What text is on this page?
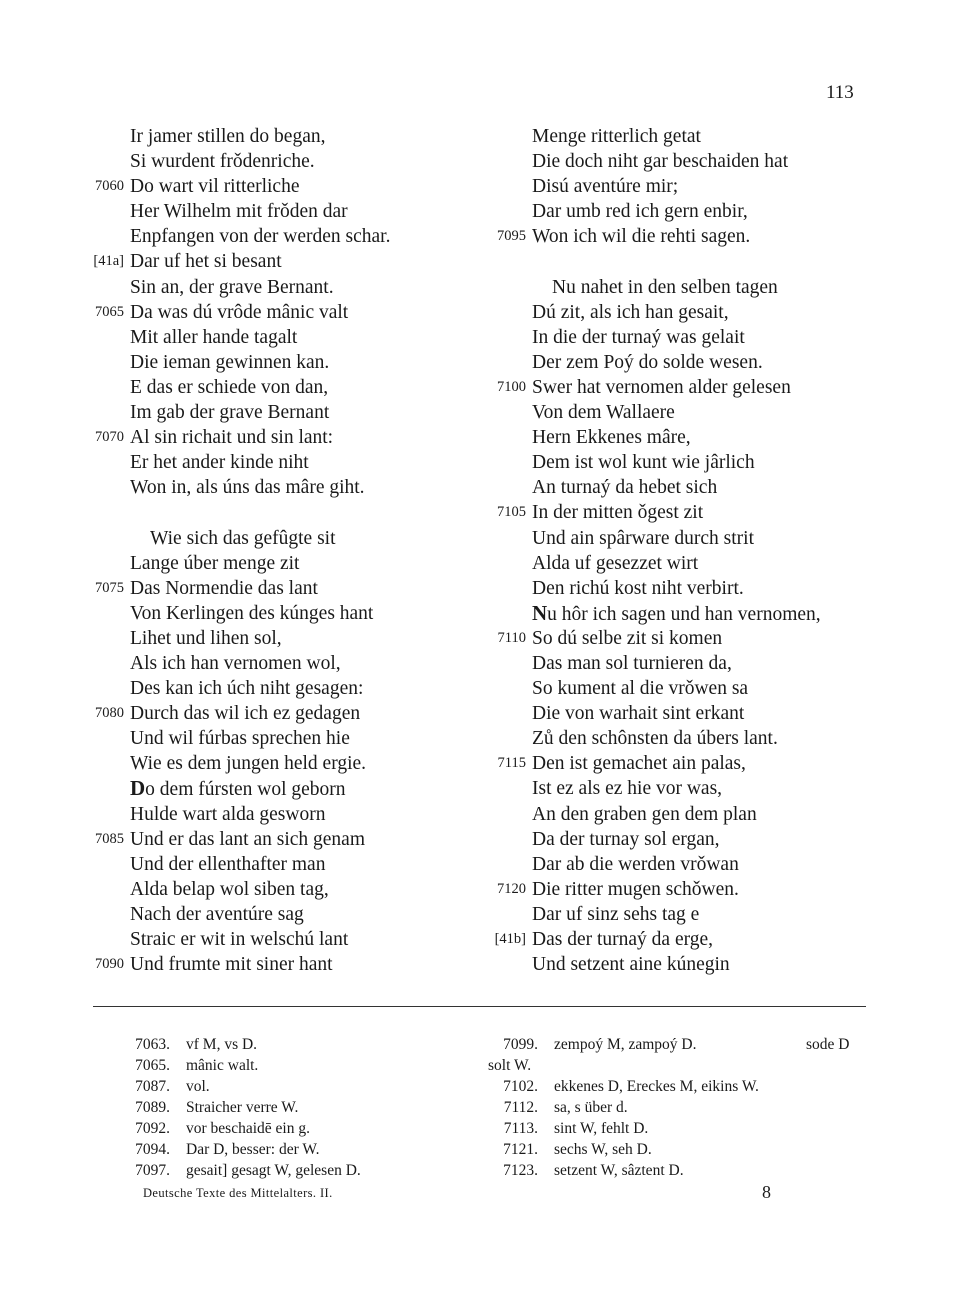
113
Ir jamer stillen do began,
Si wurdent frǒdenriche.
7060 Do wart vil ritterliche
Her Wilhelm mit frǒden dar
Enpfangen von der werden schar.
[41a] Dar uf het si besant
Sin an, der grave Bernant.
7065 Da was dú vrôde mânic valt
Mit aller hande tagalt
Die ieman gewinnen kan.
E das er schiede von dan,
Im gab der grave Bernant
7070 Al sin richait und sin lant:
Er het ander kinde niht
Won in, als úns das mâre giht.
Wie sich das gefûgte sit
Lange úber menge zit
7075 Das Normendie das lant
Von Kerlingen des kúnges hant
Lihet und lihen sol,
Als ich han vernomen wol,
Des kan ich úch niht gesagen:
7080 Durch das wil ich ez gedagen
Und wil fúrbas sprechen hie
Wie es dem jungen held ergie.
Do dem fúrsten wol geborn
Hulde wart alda gesworn
7085 Und er das lant an sich genam
Und der ellenthafter man
Alda belap wol siben tag,
Nach der aventúre sag
Straic er wit in welschú lant
7090 Und frumte mit siner hant
Menge ritterlich getat
Die doch niht gar beschaiden hat
Disú aventúre mir;
Dar umb red ich gern enbir,
7095 Won ich wil die rehti sagen.
Nu nahet in den selben tagen
Dú zit, als ich han gesait,
In die der turnaý was gelait
Der zem Poý do solde wesen.
7100 Swer hat vernomen alder gelesen
Von dem Wallaere
Hern Ekkenes mâre,
Dem ist wol kunt wie jârlich
An turnaý da hebet sich
7105 In der mitten ǒgest zit
Und ain spârware durch strit
Alda uf gesezzet wirt
Den richú kost niht verbirt.
Nu hôr ich sagen und han vernomen,
7110 So dú selbe zit si komen
Das man sol turnieren da,
So kument al die vrǒwen sa
Die von warhait sint erkant
Zů den schônsten da úbers lant.
7115 Den ist gemachet ain palas,
Ist ez als ez hie vor was,
An den graben gen dem plan
Da der turnay sol ergan,
Dar ab die werden vrǒwan
7120 Die ritter mugen schǒwen.
Dar uf sinz sehs tag e
[41b] Das der turnaý da erge,
Und setzent aine kúnegin
7063. vf M, vs D.
7065. mânic walt.
7087. vol.
7089. Straicher verre W.
7092. vor beschaidē ein g.
7094. Dar D, besser: der W.
7097. gesait] gesagt W, gelesen D.
7099. zempoý M, zampoý D.	sode D
solt W.
7102. ekkenes D, Ereckes M, eikins W.
7112. sa, s über d.
7113. sint W, fehlt D.
7121. sechs W, seh D.
7123. setzent W, sâztent D.
Deutsche Texte des Mittelalters. II.	8
